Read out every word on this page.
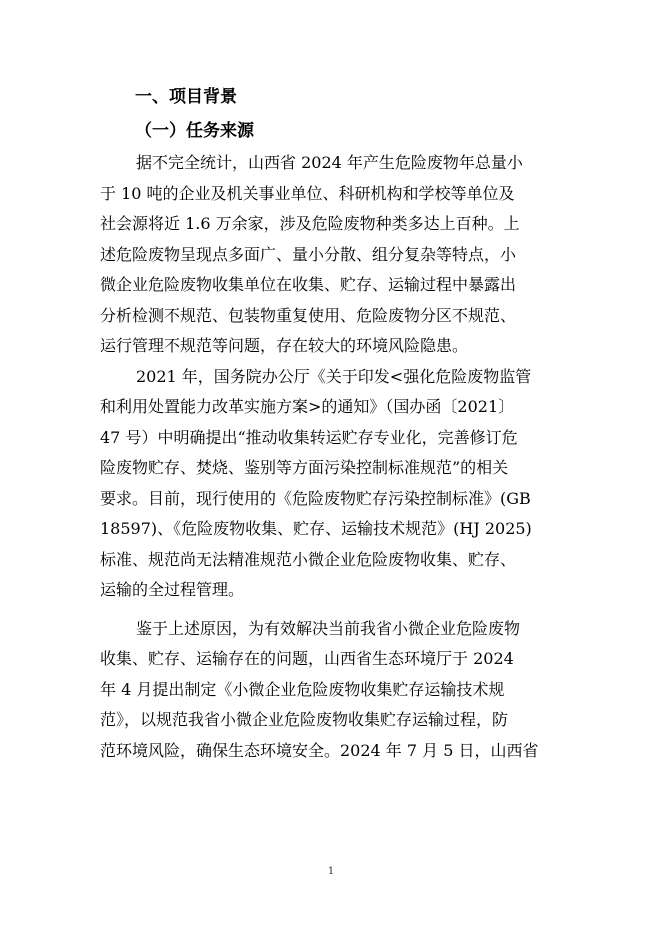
一、项目背景
（一）任务来源
据不完全统计，山西省 2024 年产生危险废物年总量小
于 10 吨的企业及机关事业单位、科研机构和学校等单位及
社会源将近 1.6 万余家，涉及危险废物种类多达上百种。上
述危险废物呈现点多面广、量小分散、组分复杂等特点，小
微企业危险废物收集单位在收集、贮存、运输过程中暴露出
分析检测不规范、包装物重复使用、危险废物分区不规范、
运行管理不规范等问题，存在较大的环境风险隐患。
2021 年，国务院办公厅《关于印发<强化危险废物监管
和利用处置能力改革实施方案>的通知》（国办函〔2021〕
47 号）中明确提出“推动收集转运贮存专业化，完善修订危
险废物贮存、焚烧、鉴别等方面污染控制标准规范”的相关
要求。目前，现行使用的《危险废物贮存污染控制标准》(GB
18597)、《危险废物收集、贮存、运输技术规范》(HJ 2025)
标准、规范尚无法精准规范小微企业危险废物收集、贮存、
运输的全过程管理。
鉴于上述原因，为有效解决当前我省小微企业危险废物
收集、贮存、运输存在的问题，山西省生态环境厅于 2024
年 4 月提出制定《小微企业危险废物收集贮存运输技术规
范》，以规范我省小微企业危险废物收集贮存运输过程，防
范环境风险，确保生态环境安全。2024 年 7 月 5 日，山西省
1
